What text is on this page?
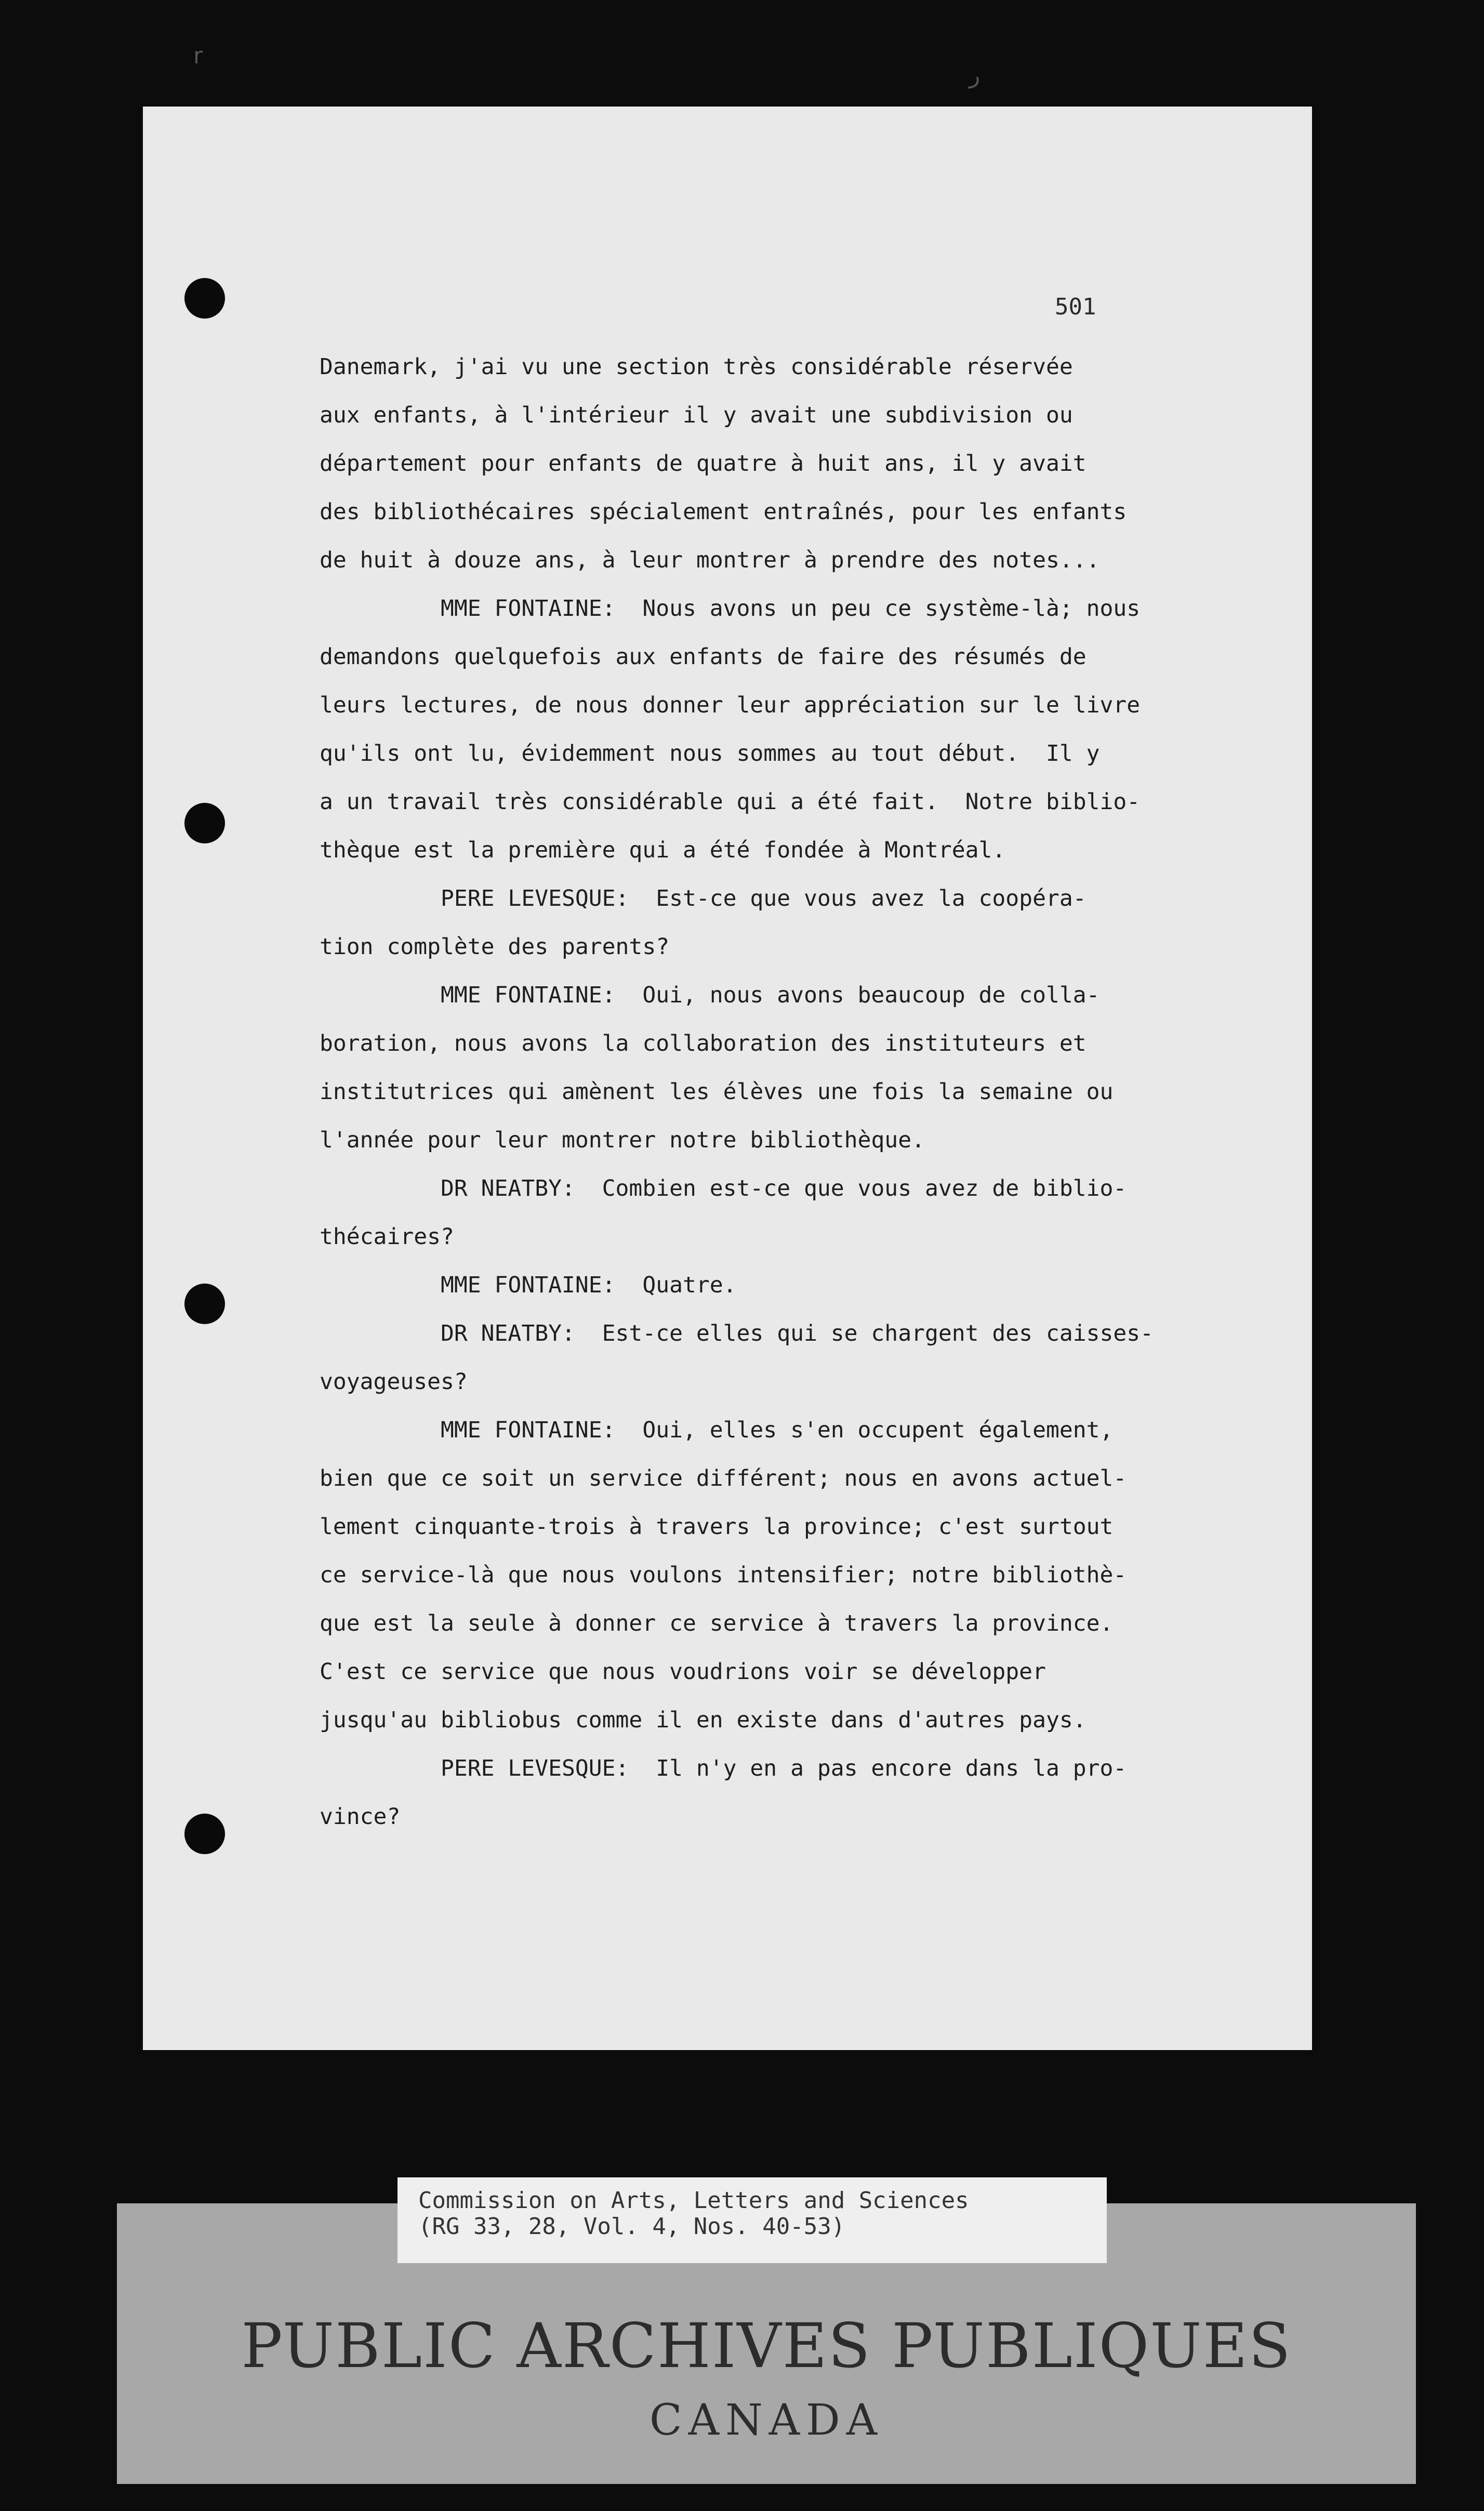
r
ر
501
Danemark, j'ai vu une section très considérable réservée
aux enfants, à l'intérieur il y avait une subdivision ou
département pour enfants de quatre à huit ans, il y avait
des bibliothécaires spécialement entraînés, pour les enfants
de huit à douze ans, à leur montrer à prendre des notes...
MME FONTAINE:  Nous avons un peu ce système-là; nous
demandons quelquefois aux enfants de faire des résumés de
leurs lectures, de nous donner leur appréciation sur le livre
qu'ils ont lu, évidemment nous sommes au tout début.  Il y
a un travail très considérable qui a été fait.  Notre biblio-
thèque est la première qui a été fondée à Montréal.
PERE LEVESQUE:  Est-ce que vous avez la coopéra-
tion complète des parents?
MME FONTAINE:  Oui, nous avons beaucoup de colla-
boration, nous avons la collaboration des instituteurs et
institutrices qui amènent les élèves une fois la semaine ou
l'année pour leur montrer notre bibliothèque.
DR NEATBY:  Combien est-ce que vous avez de biblio-
thécaires?
MME FONTAINE:  Quatre.
DR NEATBY:  Est-ce elles qui se chargent des caisses-
voyageuses?
MME FONTAINE:  Oui, elles s'en occupent également,
bien que ce soit un service différent; nous en avons actuel-
lement cinquante-trois à travers la province; c'est surtout
ce service-là que nous voulons intensifier; notre bibliothè-
que est la seule à donner ce service à travers la province.
C'est ce service que nous voudrions voir se développer
jusqu'au bibliobus comme il en existe dans d'autres pays.
PERE LEVESQUE:  Il n'y en a pas encore dans la pro-
vince?
PUBLIC ARCHIVES PUBLIQUES
CANADA
Commission on Arts, Letters and Sciences
(RG 33, 28, Vol. 4, Nos. 40-53)
